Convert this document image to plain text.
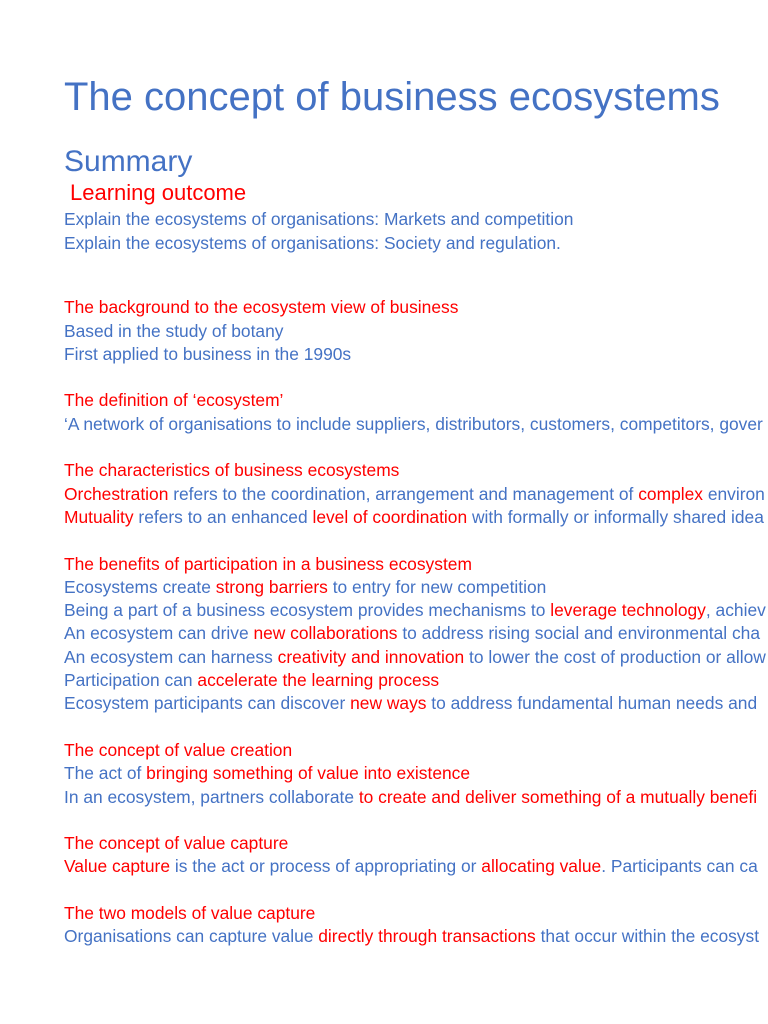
The concept of business ecosystems
Summary
Learning outcome
Explain the ecosystems of organisations: Markets and competition
Explain the ecosystems of organisations: Society and regulation.
The background to the ecosystem view of business
Based in the study of botany
First applied to business in the 1990s
The definition of ‘ecosystem’
‘A network of organisations to include suppliers, distributors, customers, competitors, gover
The characteristics of business ecosystems
Orchestration refers to the coordination, arrangement and management of complex environ
Mutuality refers to an enhanced level of coordination with formally or informally shared idea
The benefits of participation in a business ecosystem
Ecosystems create strong barriers to entry for new competition
Being a part of a business ecosystem provides mechanisms to leverage technology , achiev
An ecosystem can drive new collaborations to address rising social and environmental cha
An ecosystem can harness creativity and innovation to lower the cost of production or allow
Participation can accelerate the learning process
Ecosystem participants can discover new ways to address fundamental human needs and
The concept of value creation
The act of bringing something of value into existence
In an ecosystem, partners collaborate to create and deliver something of a mutually benefi
The concept of value capture
Value capture is the act or process of appropriating or allocating value . Participants can ca
The two models of value capture
Organisations can capture value directly through transactions that occur within the ecosyst
